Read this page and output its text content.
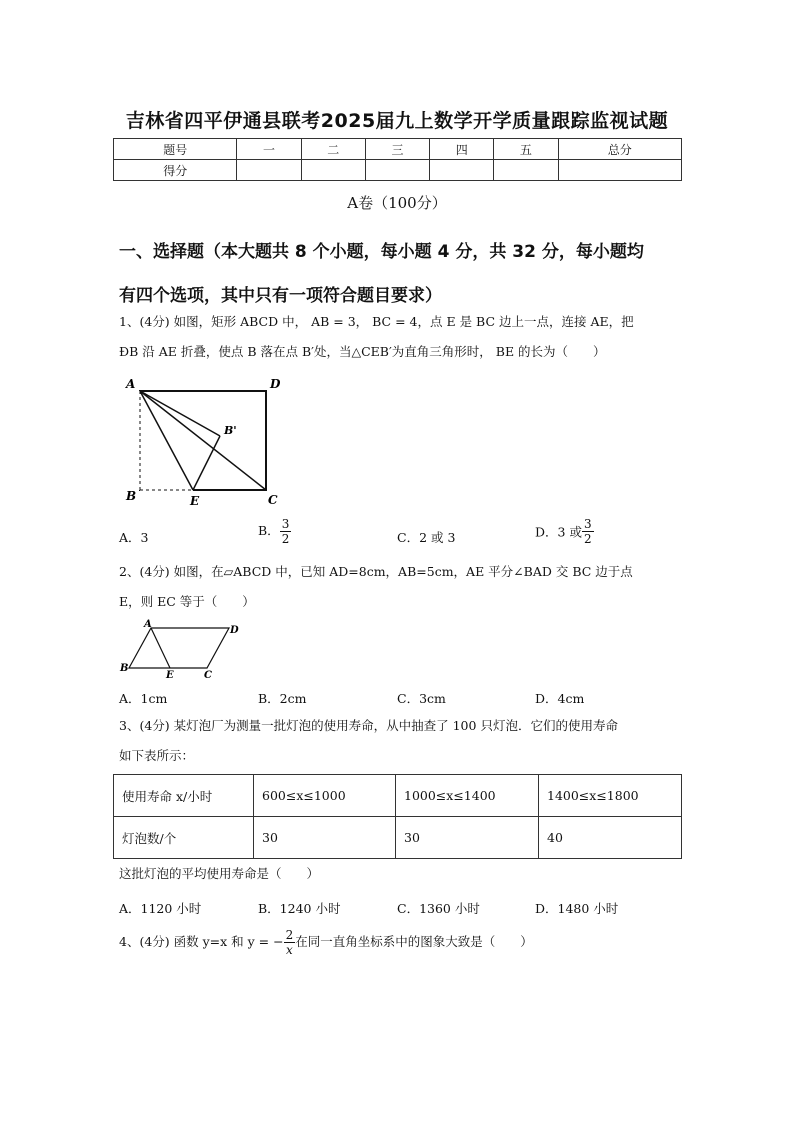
吉林省四平伊通县联考2025届九上数学开学质量跟踪监视试题
题号	一	二	三	四	五	总分
得分						
A卷（100分）
一、选择题（本大题共 8 个小题，每小题 4 分，共 32 分，每小题均
有四个选项，其中只有一项符合题目要求）
1、(4分) 如图，矩形 ABCD 中， AB = 3， BC = 4，点 E 是 BC 边上一点，连接 AE，把
ÐB 沿 AE 折叠，使点 B 落在点 B′处，当△CEB′为直角三角形时， BE 的长为（　　）
A	D
B'
B	E	C
A．3	B． $\frac{3}{2}$	C．2 或 3	D．3 或 $\frac{3}{2}$
2、(4分) 如图，在▱ABCD 中，已知 AD=8cm，AB=5cm，AE 平分∠BAD 交 BC 边于点
E，则 EC 等于（　　）
A
D
B
E	C
A．1cm	B．2cm	C．3cm	D．4cm
3、(4分) 某灯泡厂为测量一批灯泡的使用寿命，从中抽查了 100 只灯泡．它们的使用寿命
如下表所示：
使用寿命 x/小时	600≤x≤1000	1000≤x≤1400	1400≤x≤1800
灯泡数/个	30	30	40
这批灯泡的平均使用寿命是（　　）
A．1120 小时	B．1240 小时	C．1360 小时	D．1480 小时
4、(4分) 函数 y=x 和 y = − $\frac{2}{x}$ 在同一直角坐标系中的图象大致是（　　）
